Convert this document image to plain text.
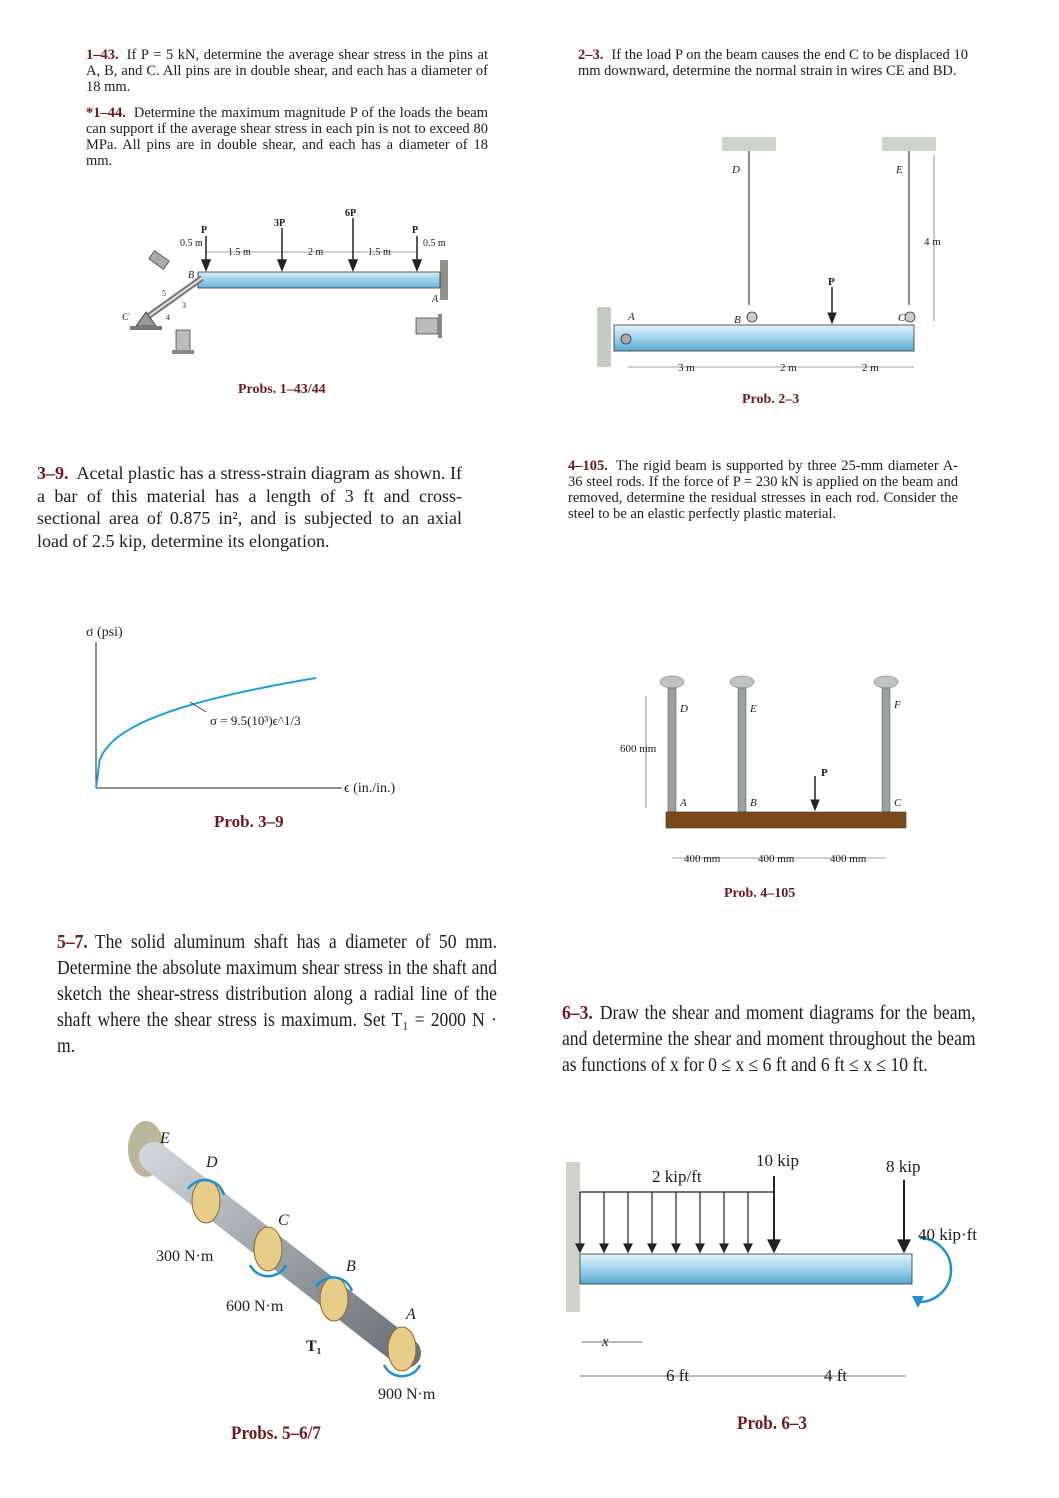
1–43. If P = 5 kN, determine the average shear stress in the pins at A, B, and C. All pins are in double shear, and each has a diameter of 18 mm.
*1–44. Determine the maximum magnitude P of the loads the beam can support if the average shear stress in each pin is not to exceed 80 MPa. All pins are in double shear, and each has a diameter of 18 mm.
P
3P
6P
P
0.5 m
1.5 m	2 m	1.5 m
0.5 m
A
B
C
5
3
4
Probs. 1–43/44
2–3. If the load P on the beam causes the end C to be displaced 10 mm downward, determine the normal strain in wires CE and BD.
P
A	B	C
D	E
4 m
3 m	2 m	2 m
Prob. 2–3
3–9. Acetal plastic has a stress-strain diagram as shown. If a bar of this material has a length of 3 ft and cross-sectional area of 0.875 in², and is subjected to an axial load of 2.5 kip, determine its elongation.
σ (psi)
ϵ (in./in.)
σ = 9.5(10³)ϵ^1/3
Prob. 3–9
4–105. The rigid beam is supported by three 25-mm diameter A-36 steel rods. If the force of P = 230 kN is applied on the beam and removed, determine the residual stresses in each rod. Consider the steel to be an elastic perfectly plastic material.
P
A	B	C
D	E	F
600 mm
400 mm	400 mm	400 mm
Prob. 4–105
5–7. The solid aluminum shaft has a diameter of 50 mm. Determine the absolute maximum shear stress in the shaft and sketch the shear-stress distribution along a radial line of the shaft where the shear stress is maximum. Set T₁ = 2000 N · m.
E
D
C
B
A
300 N·m
600 N·m
T₁
900 N·m
Probs. 5–6/7
6–3. Draw the shear and moment diagrams for the beam, and determine the shear and moment throughout the beam as functions of x for 0 ≤ x ≤ 6 ft and 6 ft ≤ x ≤ 10 ft.
2 kip/ft
10 kip	8 kip
40 kip·ft
x
6 ft	4 ft
Prob. 6–3
